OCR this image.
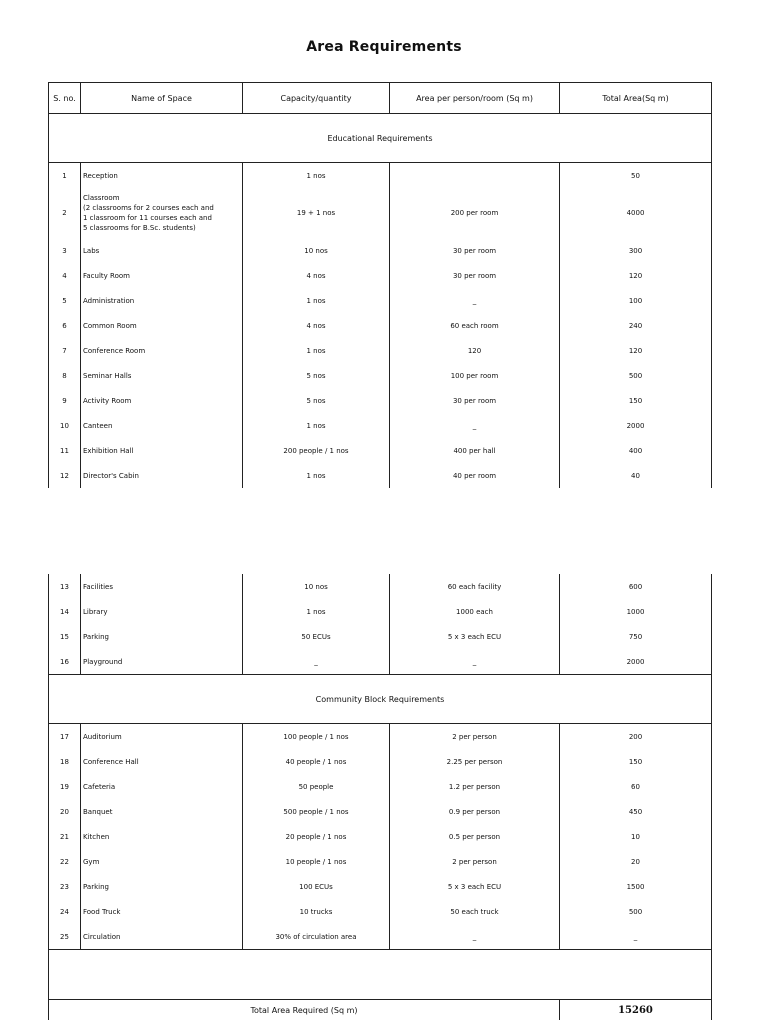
Area Requirements
S. no.	Name of Space	Capacity/quantity	Area per person/room (Sq m)	Total Area(Sq m)
Educational Requirements				
1	Reception	1 nos		50
2	Classroom
(2 classrooms for 2 courses each and
1 classroom for 11 courses each and
5 classrooms for B.Sc. students)	19 + 1 nos	200 per room	4000
3	Labs	10 nos	30 per room	300
4	Faculty Room	4 nos	30 per room	120
5	Administration	1 nos	_	100
6	Common Room	4 nos	60 each room	240
7	Conference Room	1 nos	120	120
8	Seminar Halls	5 nos	100 per room	500
9	Activity Room	5 nos	30 per room	150
10	Canteen	1 nos	_	2000
11	Exhibition Hall	200 people / 1 nos	400 per hall	400
12	Director's Cabin	1 nos	40 per room	40
13	Facilities	10 nos	60 each facility	600
14	Library	1 nos	1000 each	1000
15	Parking	50 ECUs	5 x 3 each ECU	750
16	Playground	_	_	2000
Community Block Requirements				
17	Auditorium	100 people / 1 nos	2 per person	200
18	Conference Hall	40 people / 1 nos	2.25 per person	150
19	Cafeteria	50 people	1.2 per person	60
20	Banquet	500 people / 1 nos	0.9 per person	450
21	Kitchen	20 people / 1 nos	0.5 per person	10
22	Gym	10 people / 1 nos	2 per person	20
23	Parking	100 ECUs	5 x 3 each ECU	1500
24	Food Truck	10 trucks	50 each truck	500
25	Circulation	30% of circulation area	_	_

Total Area Required (Sq m)				15260
